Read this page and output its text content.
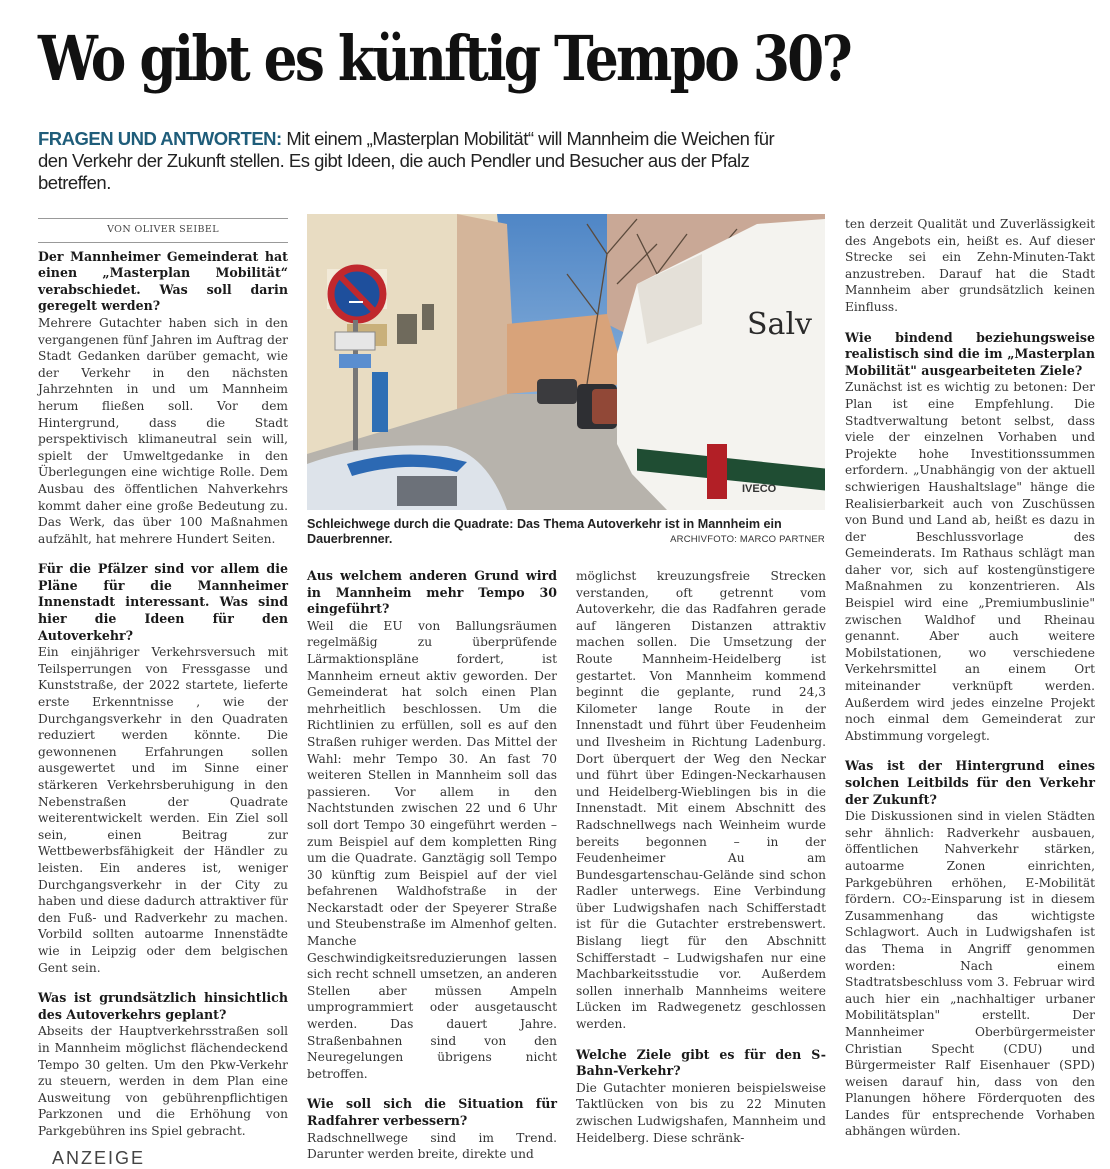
Wo gibt es künftig Tempo 30?
FRAGEN UND ANTWORTEN: Mit einem „Masterplan Mobilität“ will Mannheim die Weichen für den Verkehr der Zukunft stellen. Es gibt Ideen, die auch Pendler und Besucher aus der Pfalz betreffen.
VON OLIVER SEIBEL
Der Mannheimer Gemeinderat hat einen „Masterplan Mobilität“ verabschiedet. Was soll darin geregelt werden?

Mehrere Gutachter haben sich in den vergangenen fünf Jahren im Auftrag der Stadt Gedanken darüber gemacht, wie der Verkehr in den nächsten Jahrzehnten in und um Mannheim herum fließen soll. Vor dem Hintergrund, dass die Stadt perspektivisch klimaneutral sein will, spielt der Umweltgedanke in den Überlegungen eine wichtige Rolle. Dem Ausbau des öffentlichen Nahverkehrs kommt daher eine große Bedeutung zu. Das Werk, das über 100 Maßnahmen aufzählt, hat mehrere Hundert Seiten.

Für die Pfälzer sind vor allem die Pläne für die Mannheimer Innenstadt interessant. Was sind hier die Ideen für den Autoverkehr?

Ein einjähriger Verkehrsversuch mit Teilsperrungen von Fressgasse und Kunststraße, der 2022 startete, lieferte erste Erkenntnisse , wie der Durchgangsverkehr in den Quadraten reduziert werden könnte. Die gewonnenen Erfahrungen sollen ausgewertet und im Sinne einer stärkeren Verkehrsberuhigung in den Nebenstraßen der Quadrate weiterentwickelt werden. Ein Ziel soll sein, einen Beitrag zur Wettbewerbsfähigkeit der Händler zu leisten. Ein anderes ist, weniger Durchgangsverkehr in der City zu haben und diese dadurch attraktiver für den Fuß- und Radverkehr zu machen. Vorbild sollten autoarme Innenstädte wie in Leipzig oder dem belgischen Gent sein.

Was ist grundsätzlich hinsichtlich des Autoverkehrs geplant?

Abseits der Hauptverkehrsstraßen soll in Mannheim möglichst flächendeckend Tempo 30 gelten. Um den Pkw-Verkehr zu steuern, werden in dem Plan eine Ausweitung von gebührenpflichtigen Parkzonen und die Erhöhung von Parkgebühren ins Spiel gebracht.

Salv
IVECO
Schleichwege durch die Quadrate: Das Thema Autoverkehr ist in Mannheim ein Dauerbrenner.	ARCHIVFOTO: MARCO PARTNER
Aus welchem anderen Grund wird in Mannheim mehr Tempo 30 eingeführt?

Weil die EU von Ballungsräumen regelmäßig zu überprüfende Lärmaktionspläne fordert, ist Mannheim erneut aktiv geworden. Der Gemeinderat hat solch einen Plan mehrheitlich beschlossen. Um die Richtlinien zu erfüllen, soll es auf den Straßen ruhiger werden. Das Mittel der Wahl: mehr Tempo 30. An fast 70 weiteren Stellen in Mannheim soll das passieren. Vor allem in den Nachtstunden zwischen 22 und 6 Uhr soll dort Tempo 30 eingeführt werden – zum Beispiel auf dem kompletten Ring um die Quadrate. Ganztägig soll Tempo 30 künftig zum Beispiel auf der viel befahrenen Waldhofstraße in der Neckarstadt oder der Speyerer Straße und Steubenstraße im Almenhof gelten. Manche Geschwindigkeitsreduzierungen lassen sich recht schnell umsetzen, an anderen Stellen aber müssen Ampeln umprogrammiert oder ausgetauscht werden. Das dauert Jahre. Straßenbahnen sind von den Neuregelungen übrigens nicht betroffen.

Wie soll sich die Situation für Radfahrer verbessern?

Radschnellwege sind im Trend. Darunter werden breite, direkte und

möglichst kreuzungsfreie Strecken verstanden, oft getrennt vom Autoverkehr, die das Radfahren gerade auf längeren Distanzen attraktiv machen sollen. Die Umsetzung der Route Mannheim-Heidelberg ist gestartet. Von Mannheim kommend beginnt die geplante, rund 24,3 Kilometer lange Route in der Innenstadt und führt über Feudenheim und Ilvesheim in Richtung Ladenburg. Dort überquert der Weg den Neckar und führt über Edingen-Neckarhausen und Heidelberg-Wieblingen bis in die Innenstadt. Mit einem Abschnitt des Radschnellwegs nach Weinheim wurde bereits begonnen – in der Feudenheimer Au am Bundesgartenschau-Gelände sind schon Radler unterwegs. Eine Verbindung über Ludwigshafen nach Schifferstadt ist für die Gutachter erstrebenswert. Bislang liegt für den Abschnitt Schifferstadt – Ludwigshafen nur eine Machbarkeitsstudie vor. Außerdem sollen innerhalb Mannheims weitere Lücken im Radwegenetz geschlossen werden.

Welche Ziele gibt es für den S-Bahn-Verkehr?

Die Gutachter monieren beispielsweise Taktlücken von bis zu 22 Minuten zwischen Ludwigshafen, Mannheim und Heidelberg. Diese schränk-

ten derzeit Qualität und Zuverlässigkeit des Angebots ein, heißt es. Auf dieser Strecke sei ein Zehn-Minuten-Takt anzustreben. Darauf hat die Stadt Mannheim aber grundsätzlich keinen Einfluss.

Wie bindend beziehungsweise realistisch sind die im „Masterplan Mobilität" ausgearbeiteten Ziele?

Zunächst ist es wichtig zu betonen: Der Plan ist eine Empfehlung. Die Stadtverwaltung betont selbst, dass viele der einzelnen Vorhaben und Projekte hohe Investitionssummen erfordern. „Unabhängig von der aktuell schwierigen Haushaltslage" hänge die Realisierbarkeit auch von Zuschüssen von Bund und Land ab, heißt es dazu in der Beschlussvorlage des Gemeinderats. Im Rathaus schlägt man daher vor, sich auf kostengünstigere Maßnahmen zu konzentrieren. Als Beispiel wird eine „Premiumbuslinie" zwischen Waldhof und Rheinau genannt. Aber auch weitere Mobilstationen, wo verschiedene Verkehrsmittel an einem Ort miteinander verknüpft werden. Außerdem wird jedes einzelne Projekt noch einmal dem Gemeinderat zur Abstimmung vorgelegt.

Was ist der Hintergrund eines solchen Leitbilds für den Verkehr der Zukunft?

Die Diskussionen sind in vielen Städten sehr ähnlich: Radverkehr ausbauen, öffentlichen Nahverkehr stärken, autoarme Zonen einrichten, Parkgebühren erhöhen, E-Mobilität fördern. CO₂-Einsparung ist in diesem Zusammenhang das wichtigste Schlagwort. Auch in Ludwigshafen ist das Thema in Angriff genommen worden: Nach einem Stadtratsbeschluss vom 3. Februar wird auch hier ein „nachhaltiger urbaner Mobilitätsplan" erstellt. Der Mannheimer Oberbürgermeister Christian Specht (CDU) und Bürgermeister Ralf Eisenhauer (SPD) weisen darauf hin, dass von den Planungen höhere Förderquoten des Landes für entsprechende Vorhaben abhängen würden.

ANZEIGE
